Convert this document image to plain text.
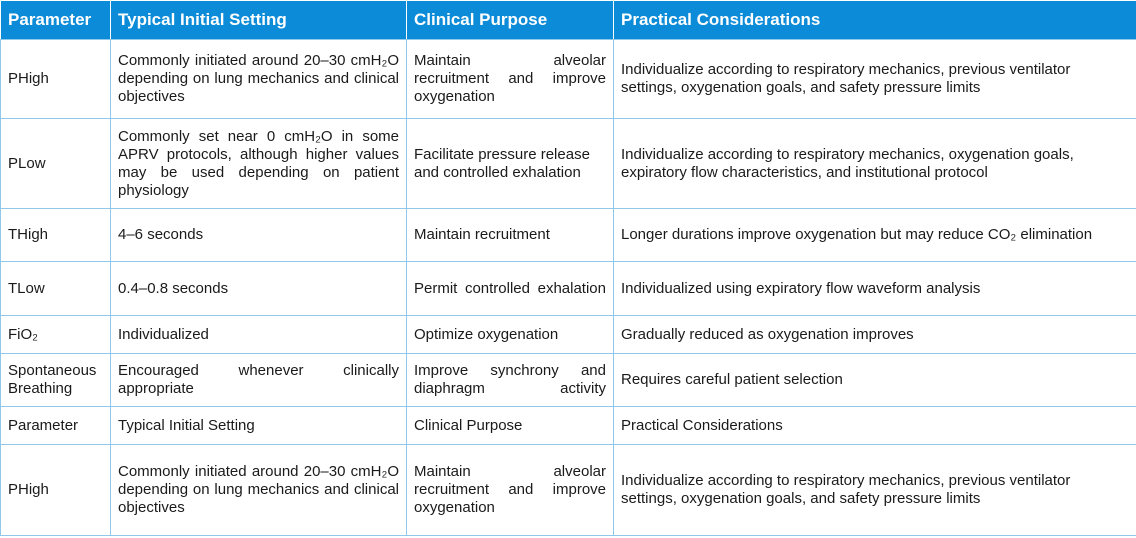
Parameter	Typical Initial Setting	Clinical Purpose	Practical Considerations
PHigh	Commonly initiated around 20–30 cmH₂O depending on lung mechanics and clinical objectives	Maintain alveolar recruitment and improve oxygenation	Individualize according to respiratory mechanics, previous ventilator settings, oxygenation goals, and safety pressure limits
PLow	Commonly set near 0 cmH₂O in some APRV protocols, although higher values may be used depending on patient physiology	Facilitate pressure release and controlled exhalation	Individualize according to respiratory mechanics, oxygenation goals, expiratory flow characteristics, and institutional protocol
THigh	4–6 seconds	Maintain recruitment	Longer durations improve oxygenation but may reduce CO₂ elimination
TLow	0.4–0.8 seconds	Permit controlled exhalation	Individualized using expiratory flow waveform analysis
FiO₂	Individualized	Optimize oxygenation	Gradually reduced as oxygenation improves
Spontaneous Breathing	Encouraged whenever clinically appropriate	Improve synchrony and diaphragm activity	Requires careful patient selection
Parameter	Typical Initial Setting	Clinical Purpose	Practical Considerations
PHigh	Commonly initiated around 20–30 cmH₂O depending on lung mechanics and clinical objectives	Maintain alveolar recruitment and improve oxygenation	Individualize according to respiratory mechanics, previous ventilator settings, oxygenation goals, and safety pressure limits
